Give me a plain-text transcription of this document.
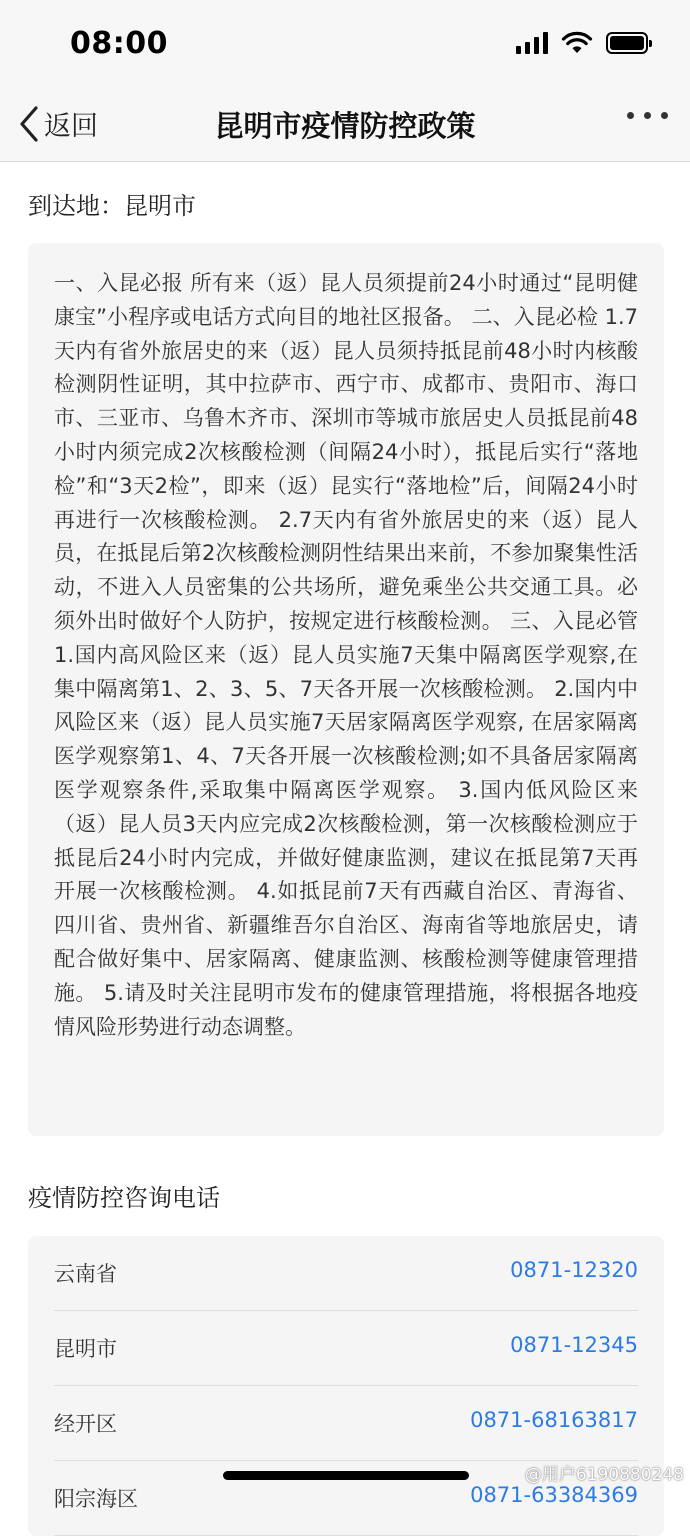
08:00
返回	昆明市疫情防控政策
到达地：昆明市
一、入昆必报 所有来（返）昆人员须提前24小时通过“昆明健康宝”小程序或电话方式向目的地社区报备。 二、入昆必检 1.7天内有省外旅居史的来（返）昆人员须持抵昆前48小时内核酸检测阴性证明，其中拉萨市、西宁市、成都市、贵阳市、海口市、三亚市、乌鲁木齐市、深圳市等城市旅居史人员抵昆前48小时内须完成2次核酸检测（间隔24小时），抵昆后实行“落地检”和“3天2检”，即来（返）昆实行“落地检”后，间隔24小时再进行一次核酸检测。 2.7天内有省外旅居史的来（返）昆人员，在抵昆后第2次核酸检测阴性结果出来前，不参加聚集性活动，不进入人员密集的公共场所，避免乘坐公共交通工具。必须外出时做好个人防护，按规定进行核酸检测。 三、入昆必管 1.国内高风险区来（返）昆人员实施7天集中隔离医学观察,在集中隔离第1、2、3、5、7天各开展一次核酸检测。 2.国内中风险区来（返）昆人员实施7天居家隔离医学观察, 在居家隔离医学观察第1、4、7天各开展一次核酸检测;如不具备居家隔离医学观察条件,采取集中隔离医学观察。 3.国内低风险区来（返）昆人员3天内应完成2次核酸检测，第一次核酸检测应于抵昆后24小时内完成，并做好健康监测，建议在抵昆第7天再开展一次核酸检测。 4.如抵昆前7天有西藏自治区、青海省、四川省、贵州省、新疆维吾尔自治区、海南省等地旅居史，请配合做好集中、居家隔离、健康监测、核酸检测等健康管理措施。 5.请及时关注昆明市发布的健康管理措施，将根据各地疫情风险形势进行动态调整。
疫情防控咨询电话
云南省	0871-12320
昆明市	0871-12345
经开区	0871-68163817
阳宗海区	0871-63384369
@用户6190880248
